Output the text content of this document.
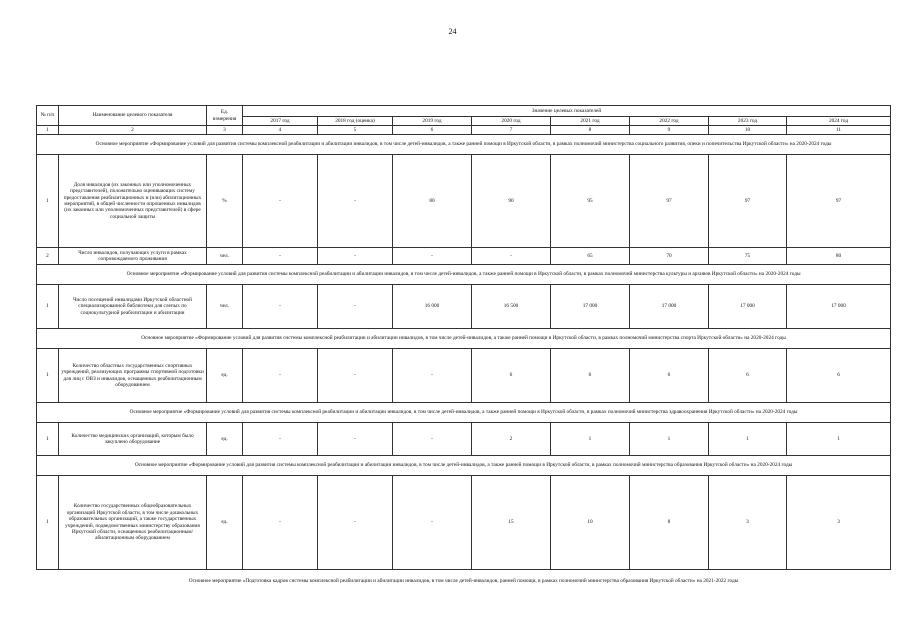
24
№ п/п	Наименование целевого показателя	Ед. измерения	Значение целевых показателей							
			2017 год	2018 год (оценка)	2019 год	2020 год	2021 год	2022 год	2023 год	2024 год
1	2	3	4	5	6	7	8	9	10	11
Основное мероприятие «Формирование условий для развития системы комплексной реабилитации и абилитации инвалидов, в том числе детей-инвалидов, а также ранней помощи в Иркутской области, в рамках полномочий министерства социального развития, опеки и попечительства Иркутской области» на 2020-2024 годы										
1	Доля инвалидов (их законных или уполномоченных представителей), положительно оценивающих систему предоставления реабилитационных и (или) абилитационных мероприятий, в общей численности опрошенных инвалидов (их законных или уполномоченных представителей) в сфере социальной защиты	%	-	-	80	90	95	97	97	97
2	Число инвалидов, получающих услуги в рамках сопровождаемого проживания	чел.	-	-	-	-	65	70	75	80
Основное мероприятие «Формирование условий для развития системы комплексной реабилитации и абилитации инвалидов, в том числе детей-инвалидов, а также ранней помощи в Иркутской области, в рамках полномочий министерства культуры и архивов Иркутской области» на 2020-2024 годы										
1	Число посещений инвалидами Иркутской областной специализированной библиотеки для слепых по социокультурной реабилитации и абилитации	чел.	-	-	16 000	16 500	17 000	17 000	17 000	17 000
Основное мероприятие «Формирование условий для развития системы комплексной реабилитации и абилитации инвалидов, в том числе детей-инвалидов, а также ранней помощи в Иркутской области, в рамках полномочий министерства спорта Иркутской области» на 2020-2024 годы										
1	Количество областных государственных спортивных учреждений, реализующих программы спортивной подготовки для лиц с ОВЗ и инвалидов, оснащенных реабилитационным оборудованием	ед.	-	-	-	6	6	6	6	6
Основное мероприятие «Формирование условий для развития системы комплексной реабилитации и абилитации инвалидов, в том числе детей-инвалидов, а также ранней помощи в Иркутской области, в рамках полномочий министерства здравоохранения Иркутской области» на 2020-2024 годы										
1	Количество медицинских организаций, которым было закуплено оборудование	ед.	-	-	-	2	1	1	1	1
Основное мероприятие «Формирование условий для развития системы комплексной реабилитации и абилитации инвалидов, в том числе детей-инвалидов, а также ранней помощи в Иркутской области, в рамках полномочий министерства образования Иркутской области» на 2020-2024 годы										
1	Количество государственных общеобразовательных организаций Иркутской области, в том числе дошкольных образовательных организаций, а также государственных учреждений, подведомственных министерству образования Иркутской области, оснащенных реабилитационным/абилитационным оборудованием	ед.	-	-	-	15	10	8	3	3
Основное мероприятие «Подготовка кадров системы комплексной реабилитации и абилитации инвалидов, в том числе детей-инвалидов, ранней помощи, в рамках полномочий министерства образования Иркутской области» на 2021-2022 годы										
